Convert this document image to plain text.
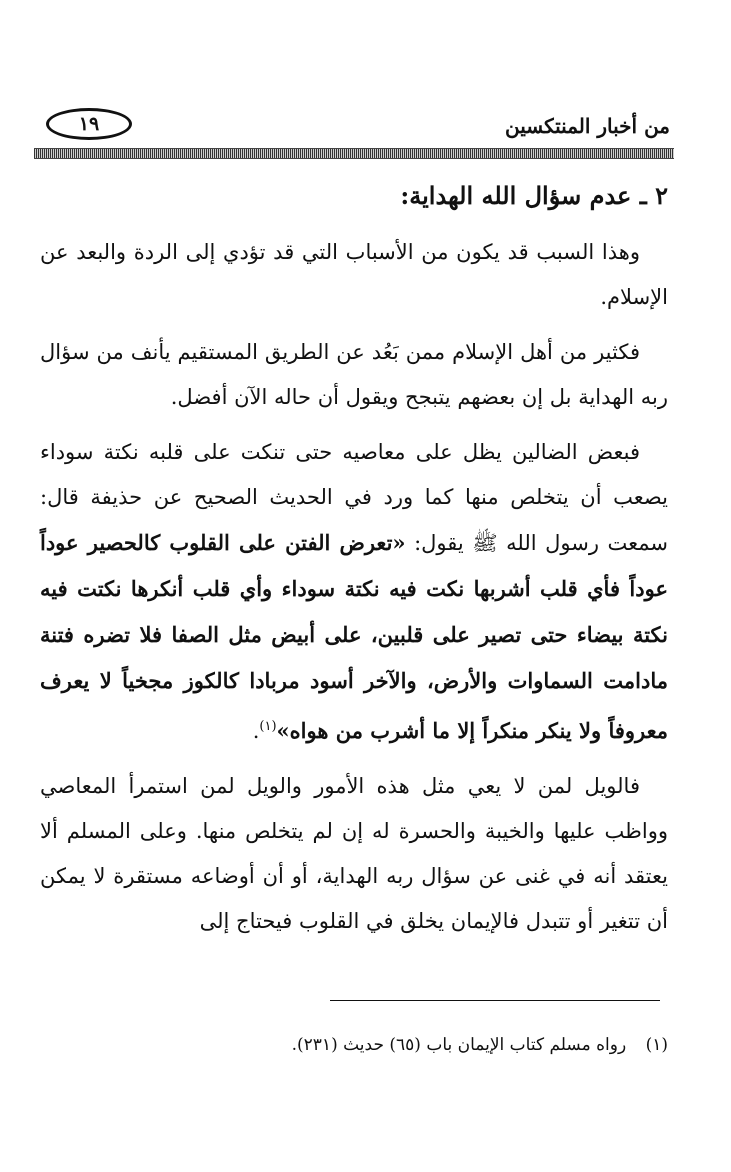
من أخبار المنتكسين
١٩
٢ ـ عدم سؤال الله الهداية:

وهذا السبب قد يكون من الأسباب التي قد تؤدي إلى الردة والبعد عن الإسلام.

فكثير من أهل الإسلام ممن بَعُد عن الطريق المستقيم يأنف من سؤال ربه الهداية بل إن بعضهم يتبجح ويقول أن حاله الآن أفضل.

فبعض الضالين يظل على معاصيه حتى تنكت على قلبه نكتة سوداء يصعب أن يتخلص منها كما ورد في الحديث الصحيح عن حذيفة قال: سمعت رسول الله ﷺ يقول: «تعرض الفتن على القلوب كالحصير عوداً عوداً فأي قلب أشربها نكت فيه نكتة سوداء وأي قلب أنكرها نكتت فيه نكتة بيضاء حتى تصير على قلبين، على أبيض مثل الصفا فلا تضره فتنة مادامت السماوات والأرض، والآخر أسود مربادا كالكوز مجخياً لا يعرف معروفاً ولا ينكر منكراً إلا ما أشرب من هواه»$^{(١)}$.

فالويل لمن لا يعي مثل هذه الأمور والويل لمن استمرأ المعاصي وواظب عليها والخيبة والحسرة له إن لم يتخلص منها. وعلى المسلم ألا يعتقد أنه في غنى عن سؤال ربه الهداية، أو أن أوضاعه مستقرة لا يمكن أن تتغير أو تتبدل فالإيمان يخلق في القلوب فيحتاج إلى

(١) رواه مسلم كتاب الإيمان باب (٦٥) حديث (٢٣١).
